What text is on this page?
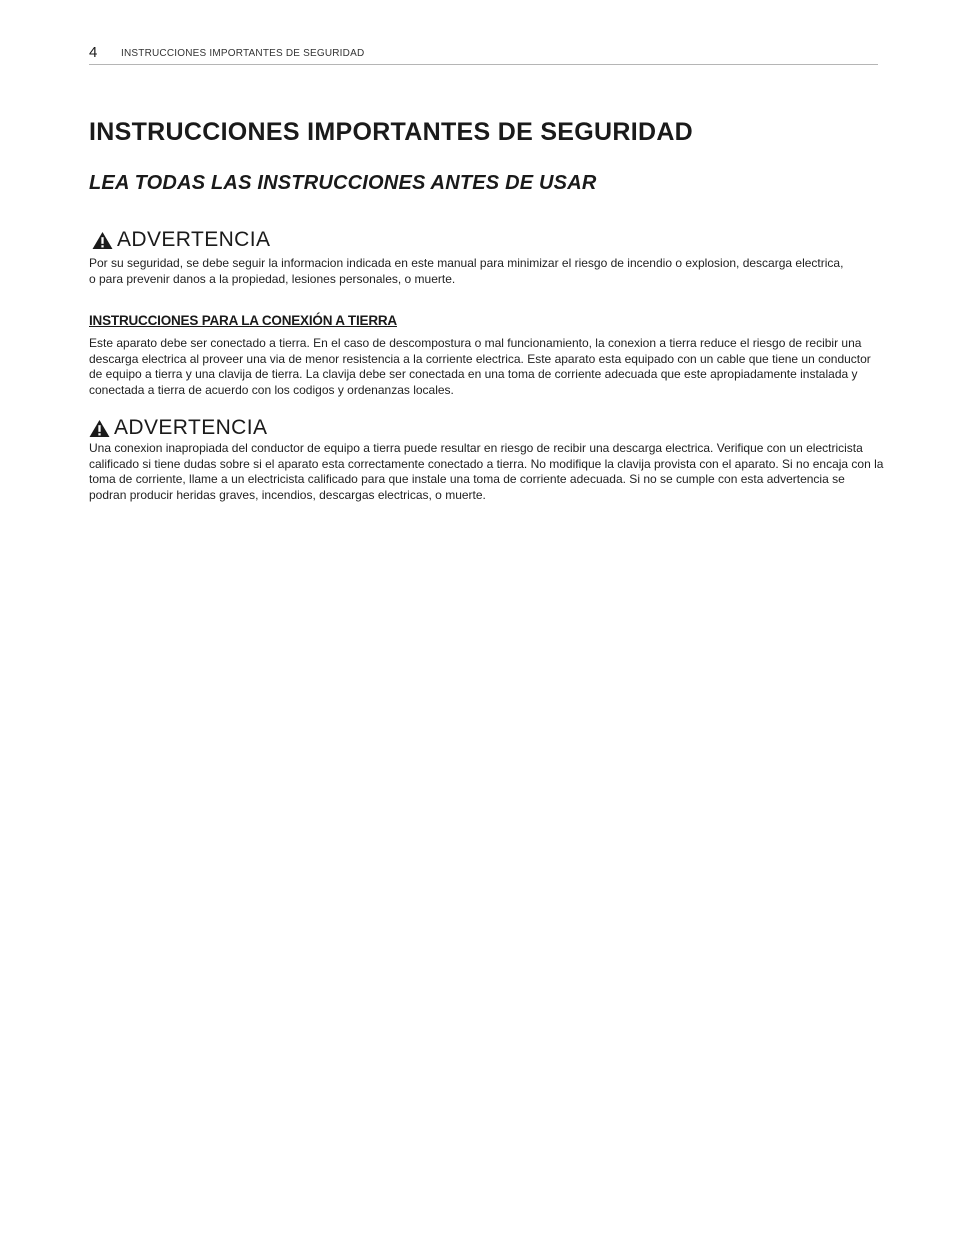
4 INSTRUCCIONES IMPORTANTES DE SEGURIDAD
INSTRUCCIONES IMPORTANTES DE SEGURIDAD
LEA TODAS LAS INSTRUCCIONES ANTES DE USAR
ADVERTENCIA

Por su seguridad, se debe seguir la informacion indicada en este manual para minimizar el riesgo de incendio o explosion, descarga electrica, o para prevenir danos a la propiedad, lesiones personales, o muerte.

INSTRUCCIONES PARA LA CONEXIÓN A TIERRA

Este aparato debe ser conectado a tierra. En el caso de descompostura o mal funcionamiento, la conexion a tierra reduce el riesgo de recibir una descarga electrica al proveer una via de menor resistencia a la corriente electrica. Este aparato esta equipado con un cable que tiene un conductor de equipo a tierra y una clavija de tierra. La clavija debe ser conectada en una toma de corriente adecuada que este apropiadamente instalada y conectada a tierra de acuerdo con los codigos y ordenanzas locales.

ADVERTENCIA

Una conexion inapropiada del conductor de equipo a tierra puede resultar en riesgo de recibir una descarga electrica. Verifique con un electricista calificado si tiene dudas sobre si el aparato esta correctamente conectado a tierra. No modifique la clavija provista con el aparato. Si no encaja con la toma de corriente, llame a un electricista calificado para que instale una toma de corriente adecuada. Si no se cumple con esta advertencia se podran producir heridas graves, incendios, descargas electricas, o muerte.
